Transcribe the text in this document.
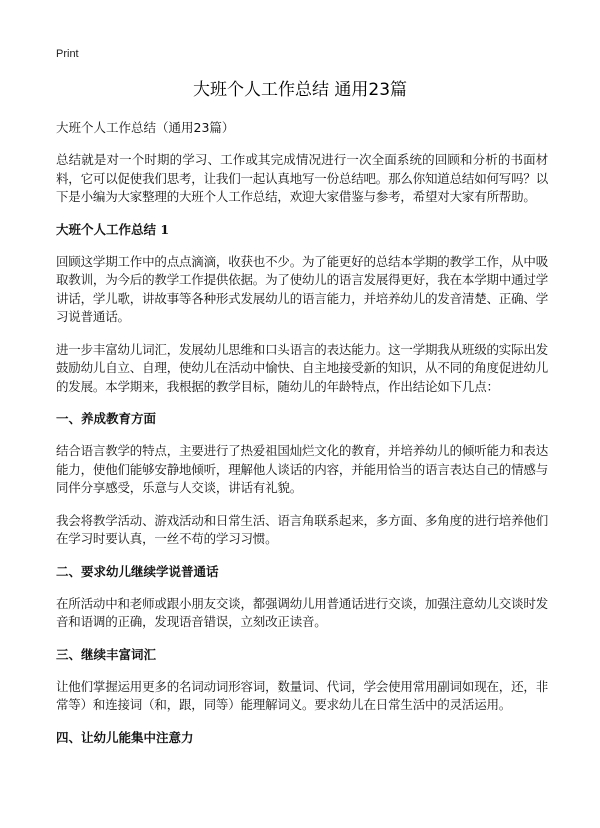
Print
大班个人工作总结 通用23篇

大班个人工作总结（通用23篇）

总结就是对一个时期的学习、工作或其完成情况进行一次全面系统的回顾和分析的书面材料，它可以促使我们思考，让我们一起认真地写一份总结吧。那么你知道总结如何写吗？以下是小编为大家整理的大班个人工作总结，欢迎大家借鉴与参考，希望对大家有所帮助。

大班个人工作总结 1

回顾这学期工作中的点点滴滴，收获也不少。为了能更好的总结本学期的教学工作，从中吸取教训，为今后的教学工作提供依据。为了使幼儿的语言发展得更好，我在本学期中通过学讲话，学儿歌，讲故事等各种形式发展幼儿的语言能力，并培养幼儿的发音清楚、正确、学习说普通话。

进一步丰富幼儿词汇，发展幼儿思维和口头语言的表达能力。这一学期我从班级的实际出发鼓励幼儿自立、自理，使幼儿在活动中愉快、自主地接受新的知识，从不同的角度促进幼儿的发展。本学期来，我根据的教学目标，随幼儿的年龄特点，作出结论如下几点：

一、养成教育方面

结合语言教学的特点，主要进行了热爱祖国灿烂文化的教育，并培养幼儿的倾听能力和表达能力，使他们能够安静地倾听，理解他人谈话的内容，并能用恰当的语言表达自己的情感与同伴分享感受，乐意与人交谈，讲话有礼貌。

我会将教学活动、游戏活动和日常生活、语言角联系起来，多方面、多角度的进行培养他们在学习时要认真，一丝不苟的学习习惯。

二、要求幼儿继续学说普通话

在所活动中和老师或跟小朋友交谈，都强调幼儿用普通话进行交谈，加强注意幼儿交谈时发音和语调的正确，发现语音错误，立刻改正读音。

三、继续丰富词汇

让他们掌握运用更多的名词动词形容词，数量词、代词，学会使用常用副词如现在，还，非常等）和连接词（和，跟，同等）能理解词义。要求幼儿在日常生活中的灵活运用。

四、让幼儿能集中注意力
